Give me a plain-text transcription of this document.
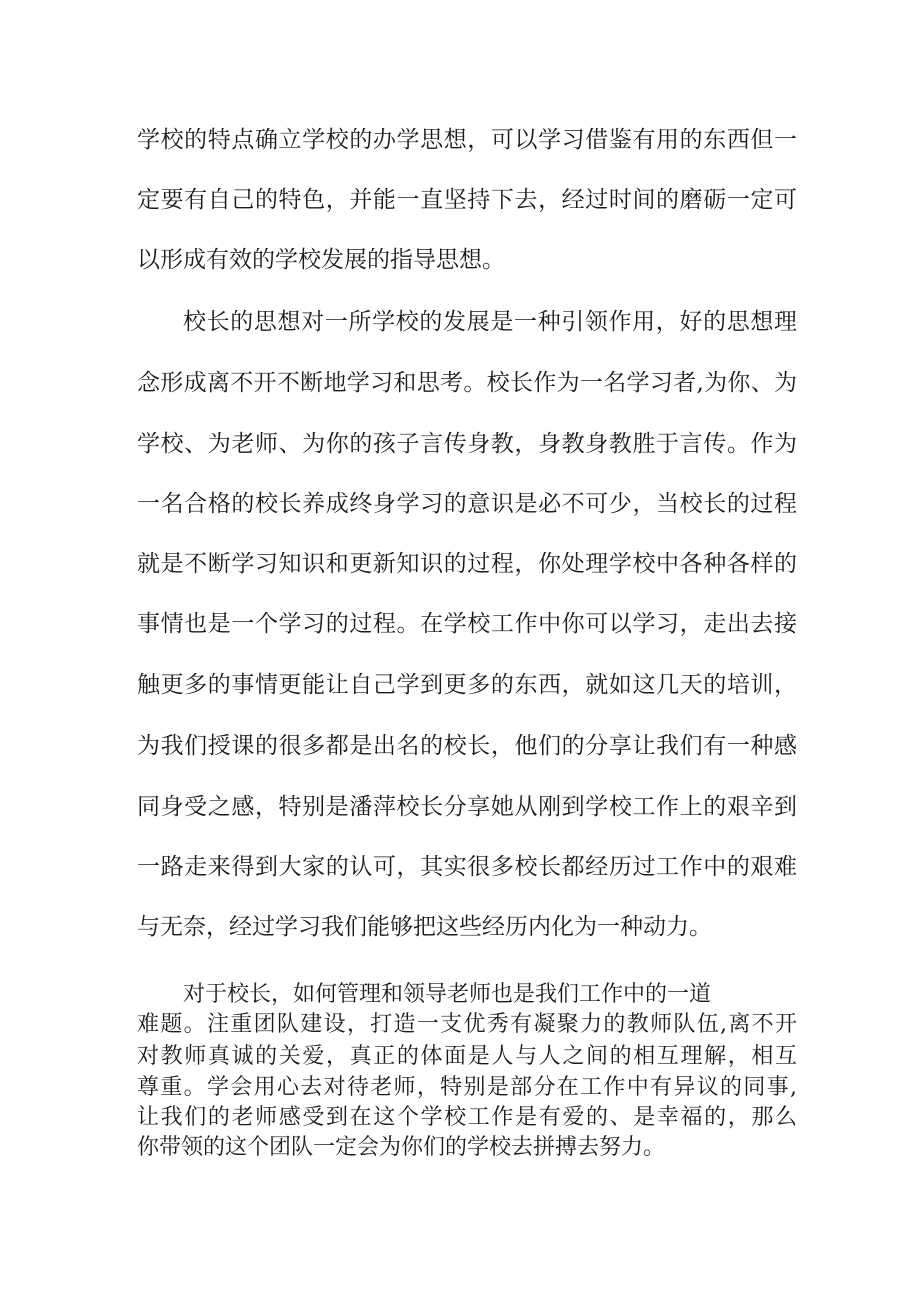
学校的特点确立学校的办学思想，可以学习借鉴有用的东西但一
定要有自己的特色，并能一直坚持下去，经过时间的磨砺一定可
以形成有效的学校发展的指导思想。
校长的思想对一所学校的发展是一种引领作用，好的思想理
念形成离不开不断地学习和思考。校长作为一名学习者,为你、为
学校、为老师、为你的孩子言传身教，身教身教胜于言传。作为
一名合格的校长养成终身学习的意识是必不可少，当校长的过程
就是不断学习知识和更新知识的过程，你处理学校中各种各样的
事情也是一个学习的过程。在学校工作中你可以学习，走出去接
触更多的事情更能让自己学到更多的东西，就如这几天的培训，
为我们授课的很多都是出名的校长，他们的分享让我们有一种感
同身受之感，特别是潘萍校长分享她从刚到学校工作上的艰辛到
一路走来得到大家的认可，其实很多校长都经历过工作中的艰难
与无奈，经过学习我们能够把这些经历内化为一种动力。
对于校长，如何管理和领导老师也是我们工作中的一道
难题。注重团队建设，打造一支优秀有凝聚力的教师队伍,离不开
对教师真诚的关爱，真正的体面是人与人之间的相互理解，相互
尊重。学会用心去对待老师，特别是部分在工作中有异议的同事,
让我们的老师感受到在这个学校工作是有爱的、是幸福的，那么
你带领的这个团队一定会为你们的学校去拼搏去努力。
